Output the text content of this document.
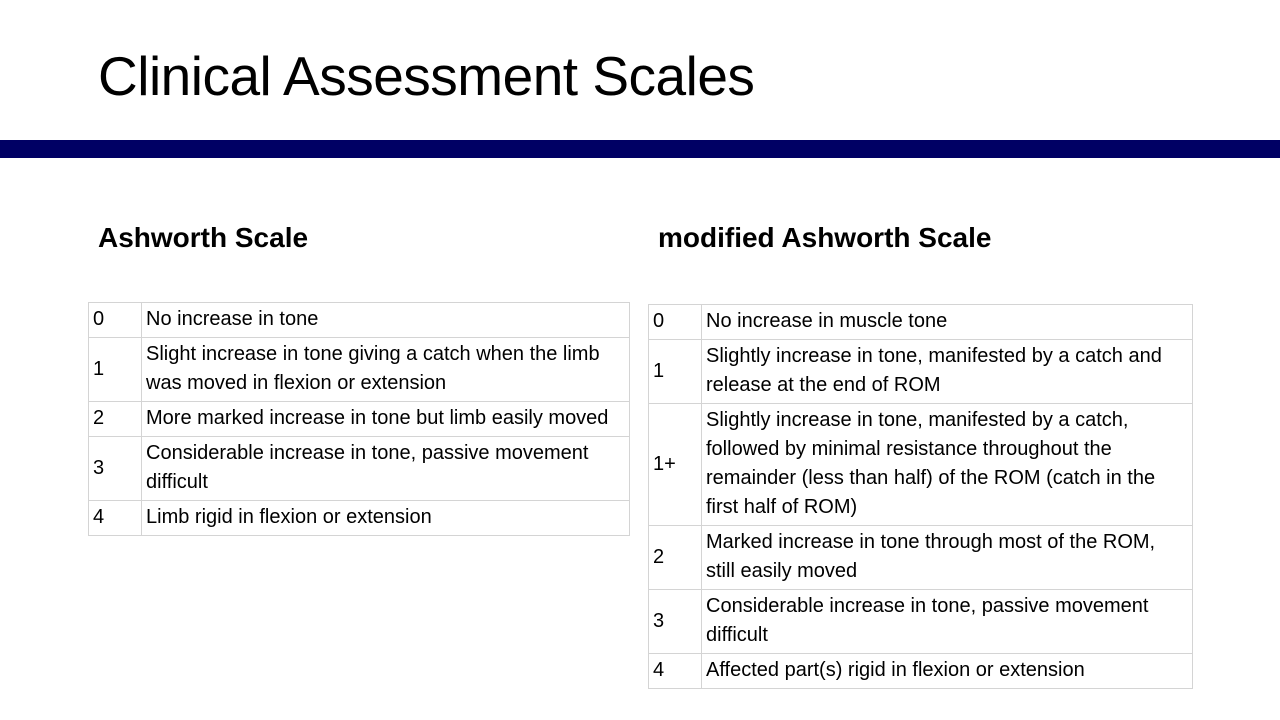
Clinical Assessment Scales
Ashworth Scale	modified Ashworth Scale
0	No increase in tone
1	Slight increase in tone giving a catch when the limb was moved in flexion or extension
2	More marked increase in tone but limb easily moved
3	Considerable increase in tone, passive movement difficult
4	Limb rigid in flexion or extension
0	No increase in muscle tone
1	Slightly increase in tone, manifested by a catch and release at the end of ROM
1+	Slightly increase in tone, manifested by a catch, followed by minimal resistance throughout the remainder (less than half) of the ROM (catch in the first half of ROM)
2	Marked increase in tone through most of the ROM, still easily moved
3	Considerable increase in tone, passive movement difficult
4	Affected part(s) rigid in flexion or extension
